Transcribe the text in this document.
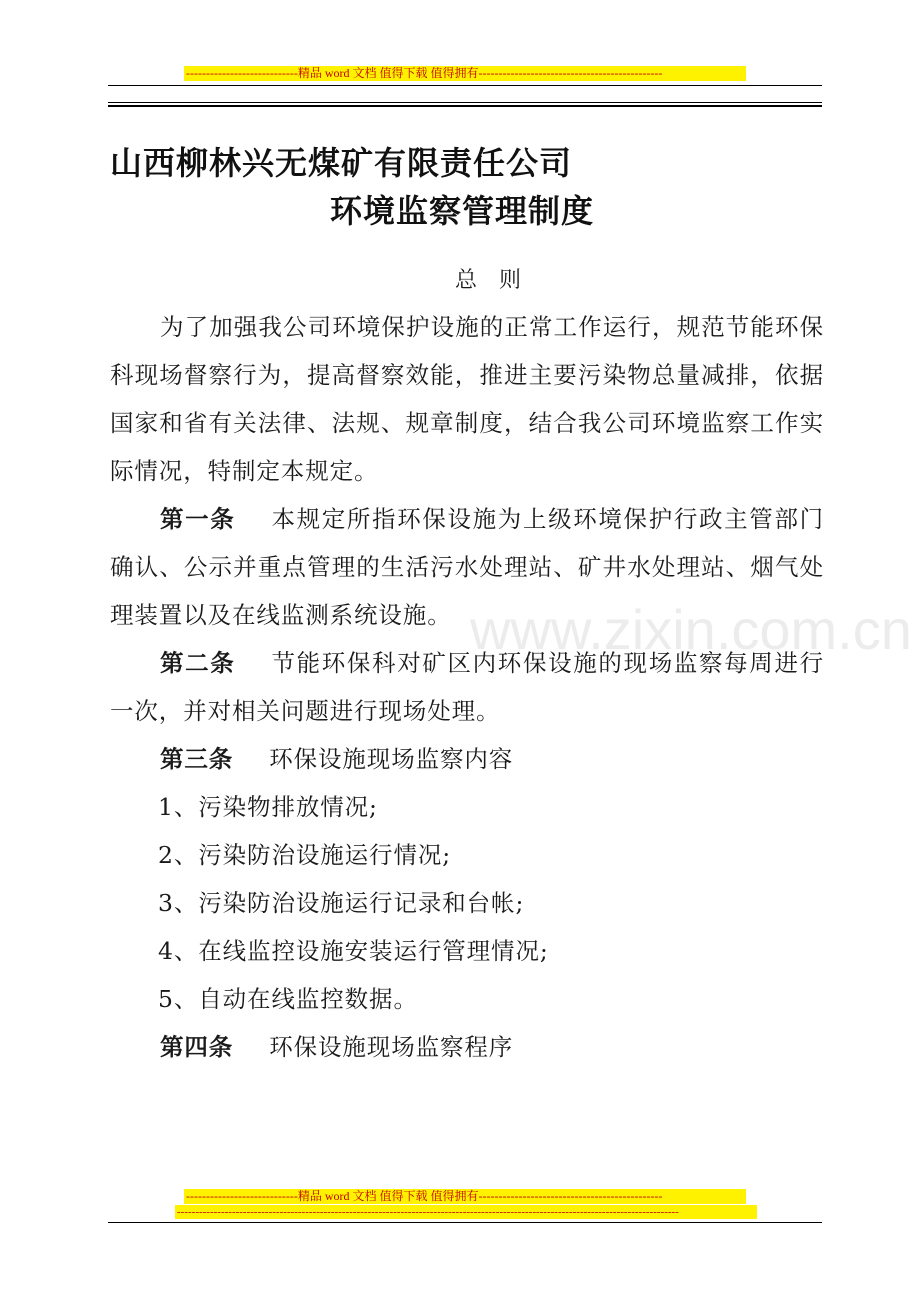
----------------------------精品 word 文档 值得下载 值得拥有----------------------------------------------
山西柳林兴无煤矿有限责任公司
环境监察管理制度
总则
www.zixin.com.cn

为了加强我公司环境保护设施的正常工作运行，规范节能环保科现场督察行为，提高督察效能，推进主要污染物总量减排，依据国家和省有关法律、法规、规章制度，结合我公司环境监察工作实际情况，特制定本规定。

第一条 本规定所指环保设施为上级环境保护行政主管部门确认、公示并重点管理的生活污水处理站、矿井水处理站、烟气处理装置以及在线监测系统设施。

第二条 节能环保科对矿区内环保设施的现场监察每周进行一次，并对相关问题进行现场处理。

第三条 环保设施现场监察内容

1、污染物排放情况;

2、污染防治设施运行情况;

3、污染防治设施运行记录和台帐;

4、在线监控设施安装运行管理情况;

5、自动在线监控数据。

第四条 环保设施现场监察程序

----------------------------精品 word 文档 值得下载 值得拥有----------------------------------------------
-----------------------------------------------------------------------------------------------------------------------------------------
